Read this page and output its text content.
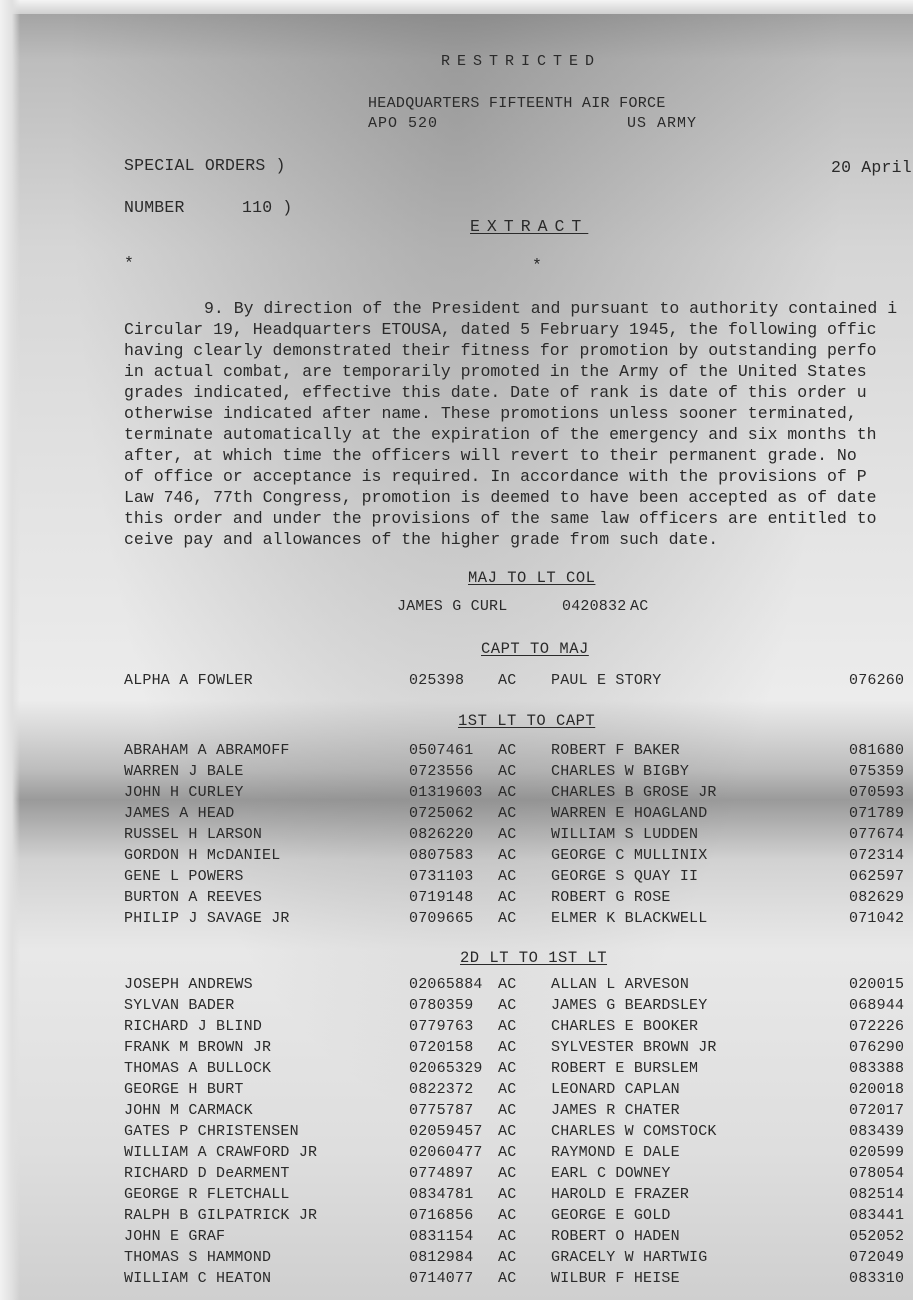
RESTRICTED
HEADQUARTERS FIFTEENTH AIR FORCE
APO 520	US ARMY
SPECIAL ORDERS )	20 April
NUMBER	110 )
EXTRACT
*	*
9. By direction of the President and pursuant to authority contained i
Circular 19, Headquarters ETOUSA, dated 5 February 1945, the following offic
having clearly demonstrated their fitness for promotion by outstanding perfo
in actual combat, are temporarily promoted in the Army of the United States
grades indicated, effective this date. Date of rank is date of this order u
otherwise indicated after name. These promotions unless sooner terminated,
terminate automatically at the expiration of the emergency and six months th
after, at which time the officers will revert to their permanent grade. No
of office or acceptance is required. In accordance with the provisions of P
Law 746, 77th Congress, promotion is deemed to have been accepted as of date
this order and under the provisions of the same law officers are entitled to
ceive pay and allowances of the higher grade from such date.
MAJ TO LT COL
JAMES G CURL	0420832 AC
CAPT TO MAJ
ALPHA A FOWLER	025398 AC PAUL E STORY	076260
1ST LT TO CAPT
ABRAHAM A ABRAMOFF	0507461 AC ROBERT F BAKER	081680
WARREN J BALE	0723556 AC CHARLES W BIGBY	075359
JOHN H CURLEY	01319603 AC CHARLES B GROSE JR	070593
JAMES A HEAD	0725062 AC WARREN E HOAGLAND	071789
RUSSEL H LARSON	0826220 AC WILLIAM S LUDDEN	077674
GORDON H McDANIEL	0807583 AC GEORGE C MULLINIX	072314
GENE L POWERS	0731103 AC GEORGE S QUAY II	062597
BURTON A REEVES	0719148 AC ROBERT G ROSE	082629
PHILIP J SAVAGE JR	0709665 AC ELMER K BLACKWELL	071042
2D LT TO 1ST LT
JOSEPH ANDREWS	02065884 AC ALLAN L ARVESON	020015
SYLVAN BADER	0780359 AC JAMES G BEARDSLEY	068944
RICHARD J BLIND	0779763 AC CHARLES E BOOKER	072226
FRANK M BROWN JR	0720158 AC SYLVESTER BROWN JR	076290
THOMAS A BULLOCK	02065329 AC ROBERT E BURSLEM	083388
GEORGE H BURT	0822372 AC LEONARD CAPLAN	020018
JOHN M CARMACK	0775787 AC JAMES R CHATER	072017
GATES P CHRISTENSEN	02059457 AC CHARLES W COMSTOCK	083439
WILLIAM A CRAWFORD JR	02060477 AC RAYMOND E DALE	020599
RICHARD D DeARMENT	0774897 AC EARL C DOWNEY	078054
GEORGE R FLETCHALL	0834781 AC HAROLD E FRAZER	082514
RALPH B GILPATRICK JR	0716856 AC GEORGE E GOLD	083441
JOHN E GRAF	0831154 AC ROBERT O HADEN	052052
THOMAS S HAMMOND	0812984 AC GRACELY W HARTWIG	072049
WILLIAM C HEATON	0714077 AC WILBUR F HEISE	083310
